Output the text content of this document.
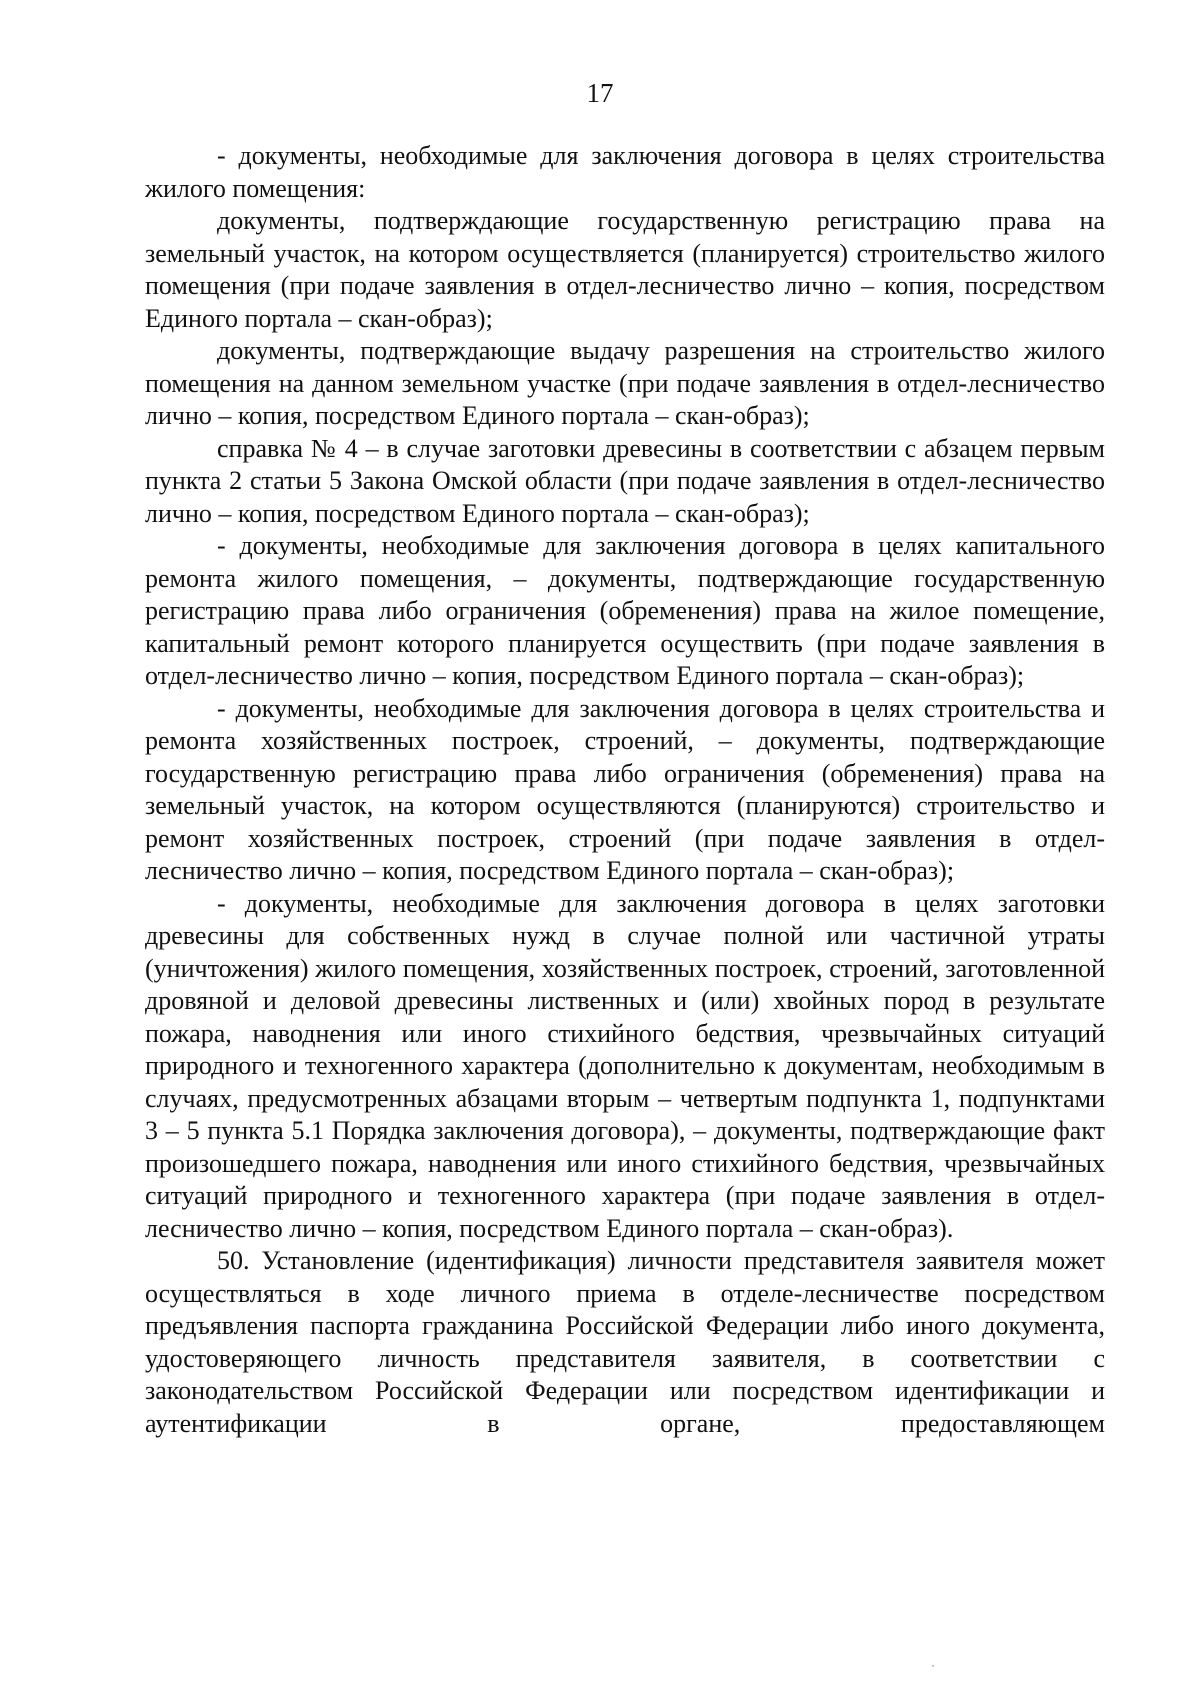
17

- документы, необходимые для заключения договора в целях строительства жилого помещения:

документы, подтверждающие государственную регистрацию права на земельный участок, на котором осуществляется (планируется) строительство жилого помещения (при подаче заявления в отдел-лесничество лично – копия, посредством Единого портала – скан-образ);

документы, подтверждающие выдачу разрешения на строительство жилого помещения на данном земельном участке (при подаче заявления в отдел-лесничество лично – копия, посредством Единого портала – скан-образ);

справка № 4 – в случае заготовки древесины в соответствии с абзацем первым пункта 2 статьи 5 Закона Омской области (при подаче заявления в отдел-лесничество лично – копия, посредством Единого портала – скан-образ);

- документы, необходимые для заключения договора в целях капитального ремонта жилого помещения, – документы, подтверждающие государственную регистрацию права либо ограничения (обременения) права на жилое помещение, капитальный ремонт которого планируется осуществить (при подаче заявления в отдел-лесничество лично – копия, посредством Единого портала – скан-образ);

- документы, необходимые для заключения договора в целях строительства и ремонта хозяйственных построек, строений, – документы, подтверждающие государственную регистрацию права либо ограничения (обременения) права на земельный участок, на котором осуществляются (планируются) строительство и ремонт хозяйственных построек, строений (при подаче заявления в отдел-лесничество лично – копия, посредством Единого портала – скан-образ);

- документы, необходимые для заключения договора в целях заготовки древесины для собственных нужд в случае полной или частичной утраты (уничтожения) жилого помещения, хозяйственных построек, строений, заготовленной дровяной и деловой древесины лиственных и (или) хвойных пород в результате пожара, наводнения или иного стихийного бедствия, чрезвычайных ситуаций природного и техногенного характера (дополнительно к документам, необходимым в случаях, предусмотренных абзацами вторым – четвертым подпункта 1, подпунктами 3 – 5 пункта 5.1 Порядка заключения договора), – документы, подтверждающие факт произошедшего пожара, наводнения или иного стихийного бедствия, чрезвычайных ситуаций природного и техногенного характера (при подаче заявления в отдел-лесничество лично – копия, посредством Единого портала – скан-образ).

50. Установление (идентификация) личности представителя заявителя может осуществляться в ходе личного приема в отделе-лесничестве посредством предъявления паспорта гражданина Российской Федерации либо иного документа, удостоверяющего личность представителя заявителя, в соответствии с законодательством Российской Федерации или посредством идентификации и аутентификации в органе, предоставляющем
